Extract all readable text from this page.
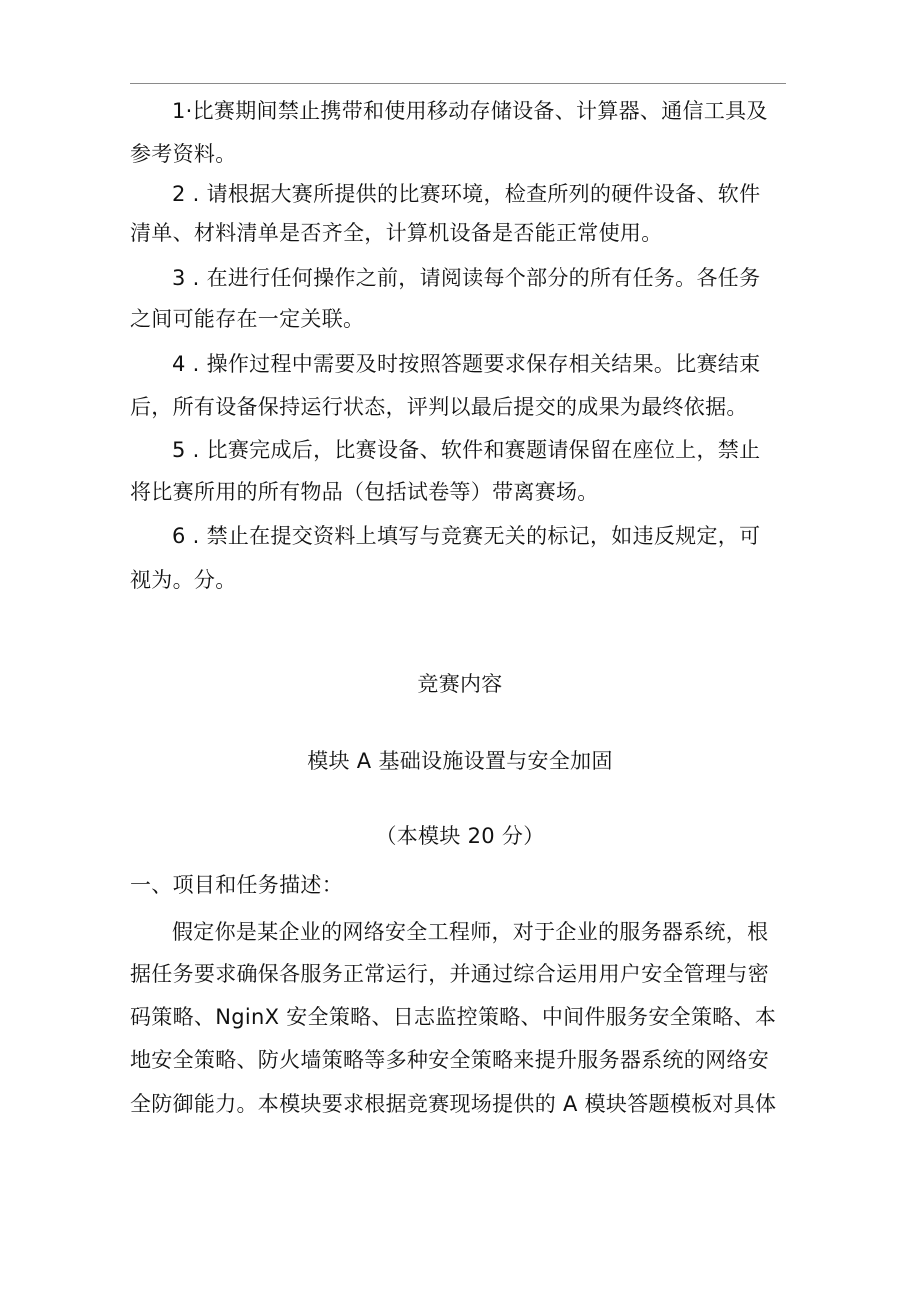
1·比赛期间禁止携带和使用移动存储设备、计算器、通信工具及
参考资料。
2 . 请根据大赛所提供的比赛环境，检查所列的硬件设备、软件
清单、材料清单是否齐全，计算机设备是否能正常使用。
3 . 在进行任何操作之前，请阅读每个部分的所有任务。各任务
之间可能存在一定关联。
4 . 操作过程中需要及时按照答题要求保存相关结果。比赛结束
后，所有设备保持运行状态，评判以最后提交的成果为最终依据。
5 . 比赛完成后，比赛设备、软件和赛题请保留在座位上，禁止
将比赛所用的所有物品（包括试卷等）带离赛场。
6 . 禁止在提交资料上填写与竞赛无关的标记，如违反规定，可
视为。分。
竞赛内容
模块 A 基础设施设置与安全加固
（本模块 20 分）
一、项目和任务描述：
假定你是某企业的网络安全工程师，对于企业的服务器系统，根
据任务要求确保各服务正常运行，并通过综合运用用户安全管理与密
码策略、NginX 安全策略、日志监控策略、中间件服务安全策略、本
地安全策略、防火墙策略等多种安全策略来提升服务器系统的网络安
全防御能力。本模块要求根据竞赛现场提供的 A 模块答题模板对具体
